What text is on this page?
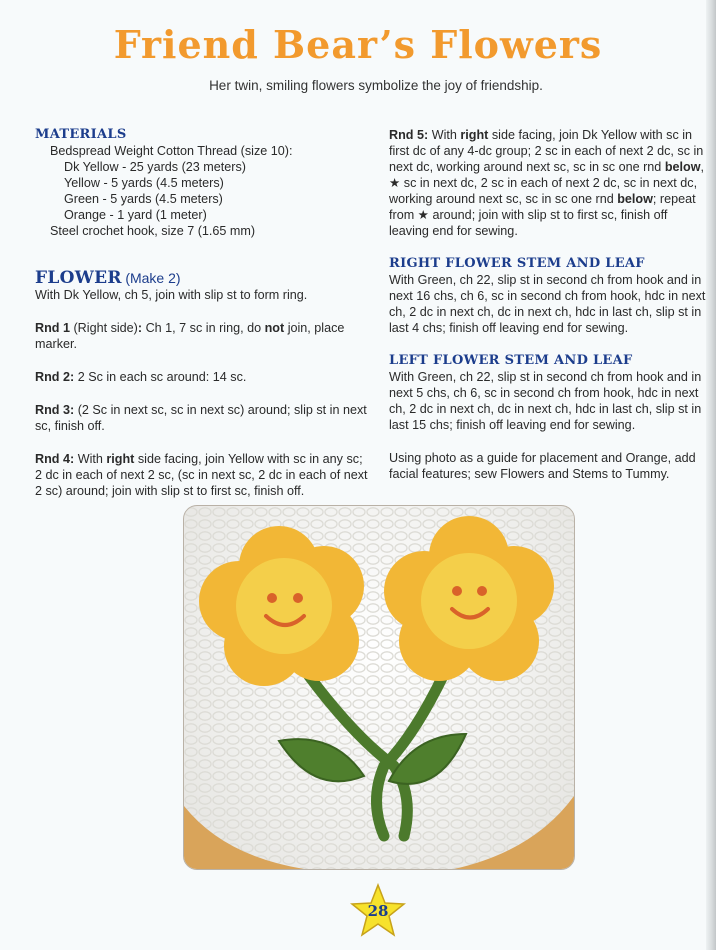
Friend Bear’s Flowers
Her twin, smiling flowers symbolize the joy of friendship.
MATERIALS

Bedspread Weight Cotton Thread (size 10):

Dk Yellow - 25 yards (23 meters)

Yellow - 5 yards (4.5 meters)

Green - 5 yards (4.5 meters)

Orange - 1 yard (1 meter)

Steel crochet hook, size 7 (1.65 mm)

FLOWER (Make 2)

With Dk Yellow, ch 5, join with slip st to form ring.

Rnd 1 (Right side): Ch 1, 7 sc in ring, do not join, place marker.

Rnd 2: 2 Sc in each sc around: 14 sc.

Rnd 3: (2 Sc in next sc, sc in next sc) around; slip st in next sc, finish off.

Rnd 4: With right side facing, join Yellow with sc in any sc; 2 dc in each of next 2 sc, (sc in next sc, 2 dc in each of next 2 sc) around; join with slip st to first sc, finish off.

Rnd 5: With right side facing, join Dk Yellow with sc in first dc of any 4-dc group; 2 sc in each of next 2 dc, sc in next dc, working around next sc, sc in sc one rnd below, ★ sc in next dc, 2 sc in each of next 2 dc, sc in next dc, working around next sc, sc in sc one rnd below; repeat from ★ around; join with slip st to first sc, finish off leaving end for sewing.

RIGHT FLOWER STEM AND LEAF

With Green, ch 22, slip st in second ch from hook and in next 16 chs, ch 6, sc in second ch from hook, hdc in next ch, 2 dc in next ch, dc in next ch, hdc in last ch, slip st in last 4 chs; finish off leaving end for sewing.

LEFT FLOWER STEM AND LEAF

With Green, ch 22, slip st in second ch from hook and in next 5 chs, ch 6, sc in second ch from hook, hdc in next ch, 2 dc in next ch, dc in next ch, hdc in last ch, slip st in last 15 chs; finish off leaving end for sewing.

Using photo as a guide for placement and Orange, add facial features; sew Flowers and Stems to Tummy.

28
